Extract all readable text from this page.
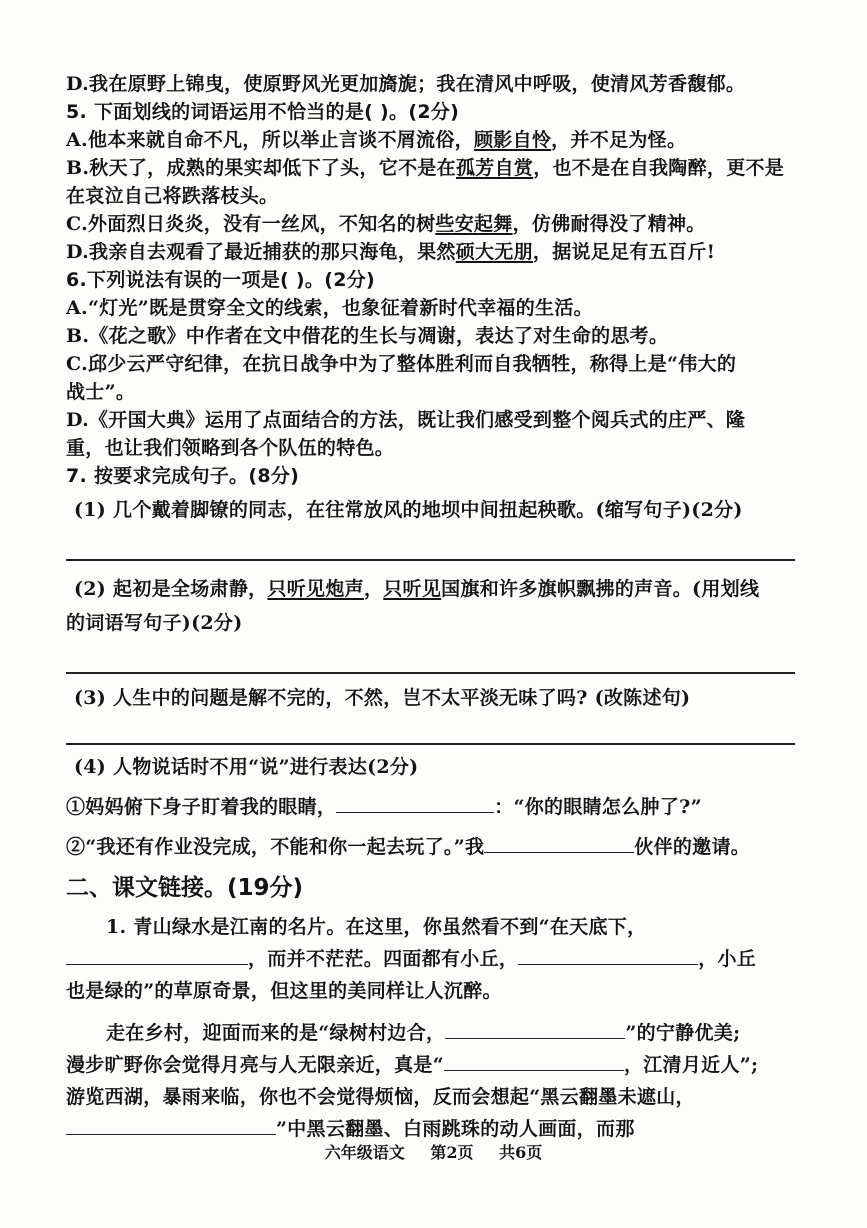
D.我在原野上锦曳，使原野风光更加旖旎；我在清风中呼吸，使清风芳香馥郁。
5. 下面划线的词语运用不恰当的是( )。(2分)
A.他本来就自命不凡，所以举止言谈不屑流俗，顾影自怜，并不足为怪。
B.秋天了，成熟的果实却低下了头，它不是在孤芳自赏，也不是在自我陶醉，更不是
在哀泣自己将跌落枝头。
C.外面烈日炎炎，没有一丝风，不知名的树些安起舞，仿佛耐得没了精神。
D.我亲自去观看了最近捕获的那只海龟，果然硕大无朋，据说足足有五百斤!
6.下列说法有误的一项是( )。(2分)
A.“灯光”既是贯穿全文的线索，也象征着新时代幸福的生活。
B.《花之歌》中作者在文中借花的生长与凋谢，表达了对生命的思考。
C.邱少云严守纪律，在抗日战争中为了整体胜利而自我牺牲，称得上是“伟大的
战士”。
D.《开国大典》运用了点面结合的方法，既让我们感受到整个阅兵式的庄严、隆
重，也让我们领略到各个队伍的特色。
7. 按要求完成句子。(8分)
(1) 几个戴着脚镣的同志，在往常放风的地坝中间扭起秧歌。(缩写句子)(2分)
(2) 起初是全场肃静，只听见炮声，只听见国旗和许多旗帜飘拂的声音。(用划线
的词语写句子)(2分)
(3) 人生中的问题是解不完的，不然，岂不太平淡无味了吗? (改陈述句)
(4) 人物说话时不用“说”进行表达(2分)
①妈妈俯下身子盯着我的眼睛，	：“你的眼睛怎么肿了?”
②“我还有作业没完成，不能和你一起去玩了。”我	伙伴的邀请。
二、课文链接。(19分)
1. 青山绿水是江南的名片。在这里，你虽然看不到“在天底下，
，而并不茫茫。四面都有小丘，	，小丘
也是绿的”的草原奇景，但这里的美同样让人沉醉。
走在乡村，迎面而来的是“绿树村边合，	”的宁静优美;
漫步旷野你会觉得月亮与人无限亲近，真是“	，江清月近人”;
游览西湖，暴雨来临，你也不会觉得烦恼，反而会想起“黑云翻墨未遮山，
”中黑云翻墨、白雨跳珠的动人画面，而那
六年级语文 第2页 共6页
